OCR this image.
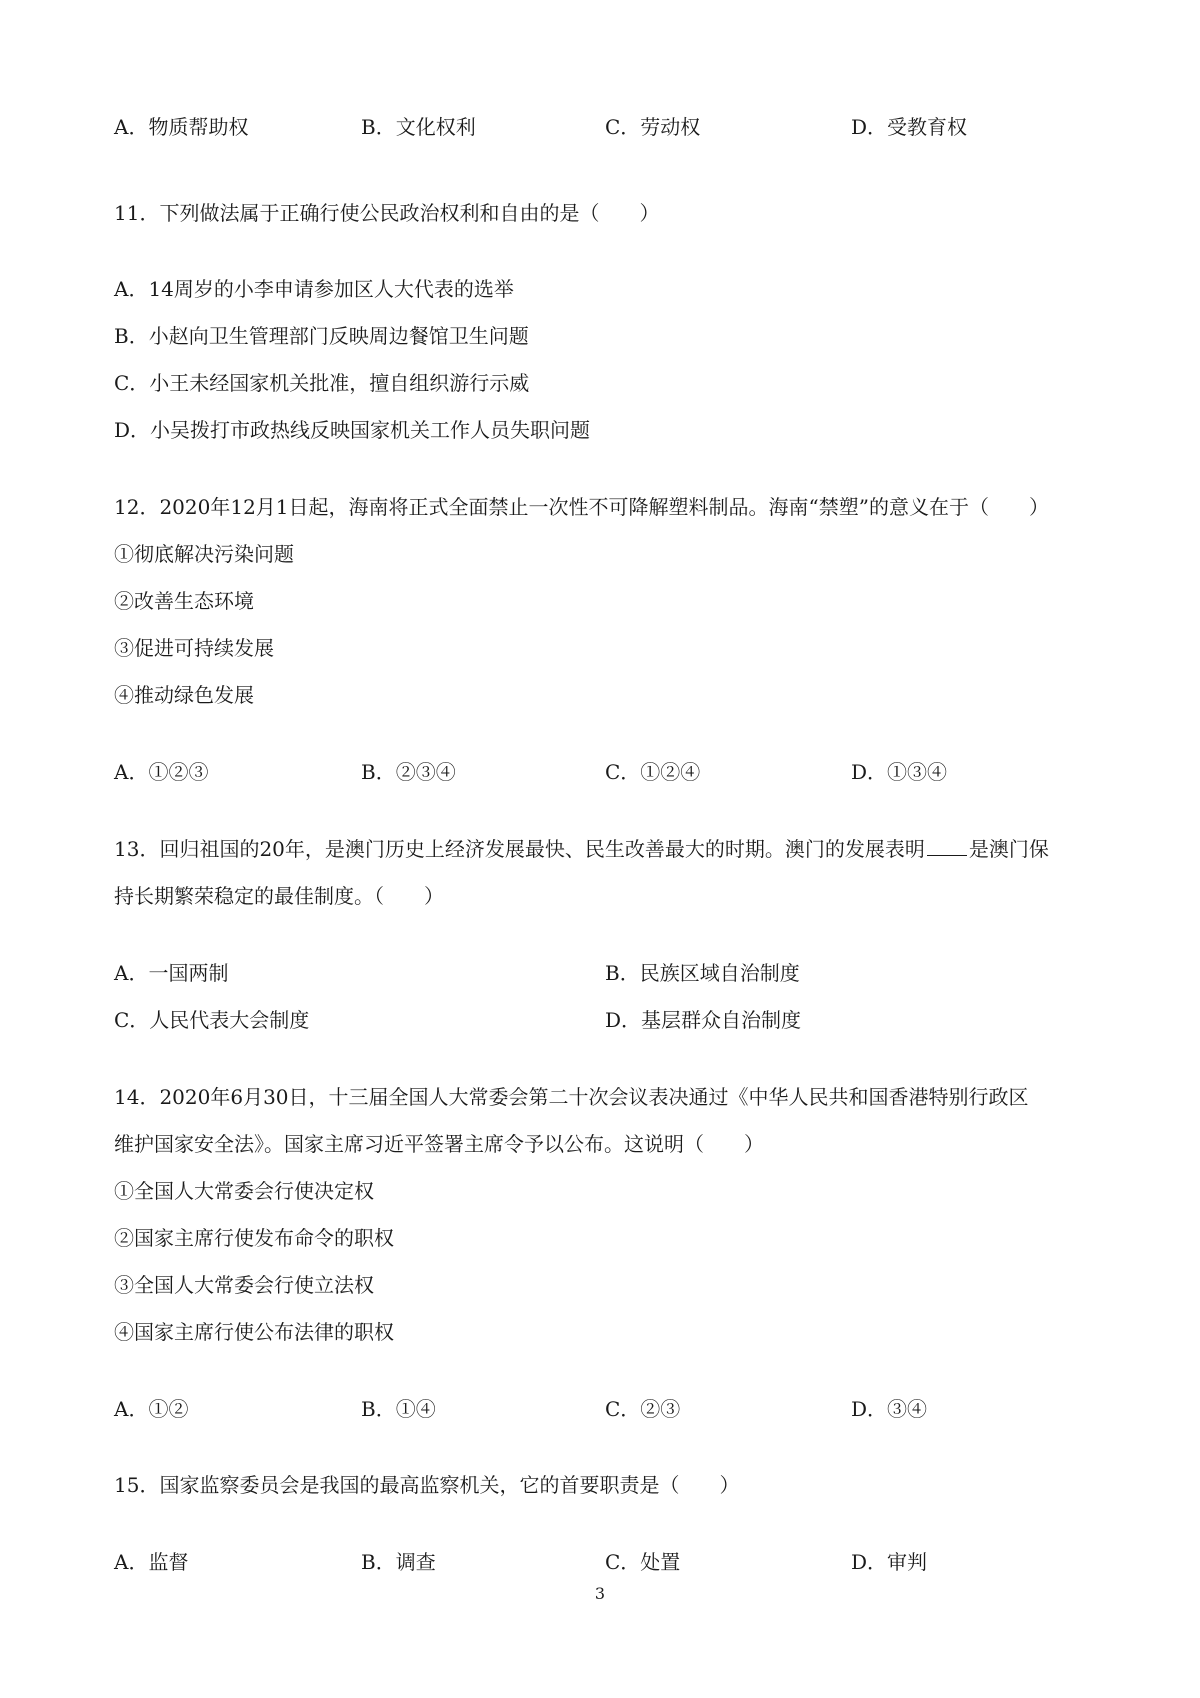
A．物质帮助权	B．文化权利	C．劳动权	D．受教育权
11．下列做法属于正确行使公民政治权利和自由的是（　　）
A．14周岁的小李申请参加区人大代表的选举
B．小赵向卫生管理部门反映周边餐馆卫生问题
C．小王未经国家机关批准，擅自组织游行示威
D．小吴拨打市政热线反映国家机关工作人员失职问题
12．2020年12月1日起，海南将正式全面禁止一次性不可降解塑料制品。海南“禁塑”的意义在于（　　）
①彻底解决污染问题
②改善生态环境
③促进可持续发展
④推动绿色发展
A．①②③	B．②③④	C．①②④	D．①③④
13．回归祖国的20年，是澳门历史上经济发展最快、民生改善最大的时期。澳门的发展表明 是澳门保
持长期繁荣稳定的最佳制度。（　　）
A．一国两制	B．民族区域自治制度
C．人民代表大会制度	D．基层群众自治制度
14．2020年6月30日，十三届全国人大常委会第二十次会议表决通过《中华人民共和国香港特别行政区
维护国家安全法》。国家主席习近平签署主席令予以公布。这说明（　　）
①全国人大常委会行使决定权
②国家主席行使发布命令的职权
③全国人大常委会行使立法权
④国家主席行使公布法律的职权
A．①②	B．①④	C．②③	D．③④
15．国家监察委员会是我国的最高监察机关，它的首要职责是（　　）
A．监督	B．调查	C．处置	D．审判
3
